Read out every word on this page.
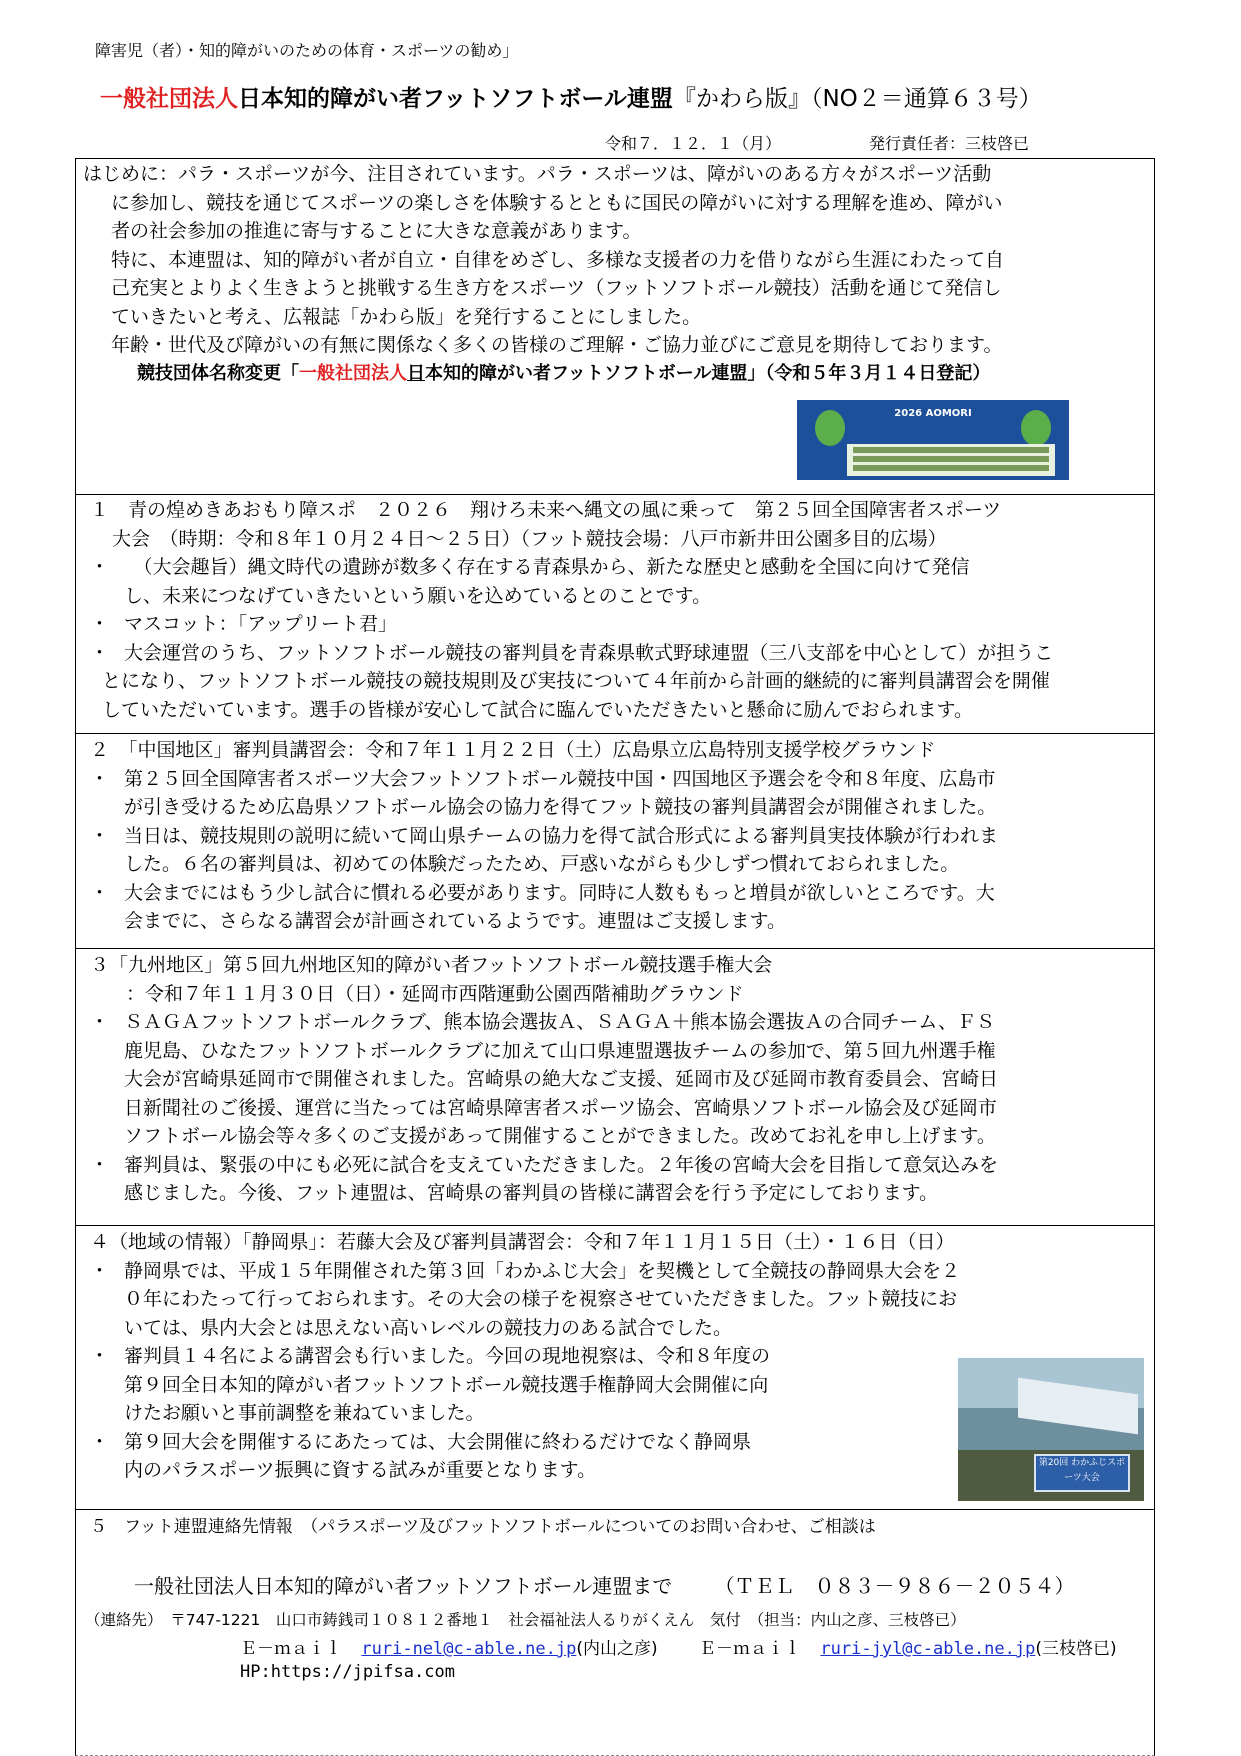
障害児（者）・知的障がいのための体育・スポーツの勧め」
一般社団法人日本知的障がい者フットソフトボール連盟『かわら版』（NO２＝通算６３号）
令和７．１２．１（月）	発行責任者：三枝啓已
はじめに：パラ・スポーツが今、注目されています。パラ・スポーツは、障がいのある方々がスポーツ活動
に参加し、競技を通じてスポーツの楽しさを体験するとともに国民の障がいに対する理解を進め、障がい
者の社会参加の推進に寄与することに大きな意義があります。
特に、本連盟は、知的障がい者が自立・自律をめざし、多様な支援者の力を借りながら生涯にわたって自
己充実とよりよく生きようと挑戦する生き方をスポーツ（フットソフトボール競技）活動を通じて発信し
ていきたいと考え、広報誌「かわら版」を発行することにしました。
年齢・世代及び障がいの有無に関係なく多くの皆様のご理解・ご協力並びにご意見を期待しております。
競技団体名称変更「一般社団法人日本知的障がい者フットソフトボール連盟」（令和５年３月１４日登記）
2026 AOMORI
１　青の煌めきあおもり障スポ　２０２６　翔けろ未来へ縄文の風に乗って　第２５回全国障害者スポーツ
大会　（時期：令和８年１０月２４日～２５日）（フット競技会場：八戸市新井田公園多目的広場）
・ 　（大会趣旨）縄文時代の遺跡が数多く存在する青森県から、新たな歴史と感動を全国に向けて発信
し、未来につなげていきたいという願いを込めているとのことです。
・ マスコット：「アップリート君」
・ 大会運営のうち、フットソフトボール競技の審判員を青森県軟式野球連盟（三八支部を中心として）が担うこ
とになり、フットソフトボール競技の競技規則及び実技について４年前から計画的継続的に審判員講習会を開催
していただいています。選手の皆様が安心して試合に臨んでいただきたいと懸命に励んでおられます。
２　「中国地区」審判員講習会：令和７年１１月２２日（土）広島県立広島特別支援学校グラウンド
・ 第２５回全国障害者スポーツ大会フットソフトボール競技中国・四国地区予選会を令和８年度、広島市
が引き受けるため広島県ソフトボール協会の協力を得てフット競技の審判員講習会が開催されました。
・ 当日は、競技規則の説明に続いて岡山県チームの協力を得て試合形式による審判員実技体験が行われま
した。６名の審判員は、初めての体験だったため、戸惑いながらも少しずつ慣れておられました。
・ 大会までにはもう少し試合に慣れる必要があります。同時に人数ももっと増員が欲しいところです。大
会までに、さらなる講習会が計画されているようです。連盟はご支援します。
３「九州地区」第５回九州地区知的障がい者フットソフトボール競技選手権大会
：令和７年１１月３０日（日）・延岡市西階運動公園西階補助グラウンド
・ ＳＡＧＡフットソフトボールクラブ、熊本協会選抜Ａ、ＳＡＧＡ＋熊本協会選抜Ａの合同チーム、ＦＳ
鹿児島、ひなたフットソフトボールクラブに加えて山口県連盟選抜チームの参加で、第５回九州選手権
大会が宮崎県延岡市で開催されました。宮崎県の絶大なご支援、延岡市及び延岡市教育委員会、宮崎日
日新聞社のご後援、運営に当たっては宮崎県障害者スポーツ協会、宮崎県ソフトボール協会及び延岡市
ソフトボール協会等々多くのご支援があって開催することができました。改めてお礼を申し上げます。
・ 審判員は、緊張の中にも必死に試合を支えていただきました。２年後の宮崎大会を目指して意気込みを
感じました。今後、フット連盟は、宮崎県の審判員の皆様に講習会を行う予定にしております。
４（地域の情報）「静岡県」：若藤大会及び審判員講習会：令和７年１１月１５日（土）・１６日（日）
・ 静岡県では、平成１５年開催された第３回「わかふじ大会」を契機として全競技の静岡県大会を２
０年にわたって行っておられます。その大会の様子を視察させていただきました。フット競技にお
いては、県内大会とは思えない高いレベルの競技力のある試合でした。
・ 審判員１４名による講習会も行いました。今回の現地視察は、令和８年度の
第９回全日本知的障がい者フットソフトボール競技選手権静岡大会開催に向
けたお願いと事前調整を兼ねていました。
・ 第９回大会を開催するにあたっては、大会開催に終わるだけでなく静岡県
内のパラスポーツ振興に資する試みが重要となります。	第20回 わかふじスポーツ大会
５　フット連盟連絡先情報　（パラスポーツ及びフットソフトボールについてのお問い合わせ、ご相談は
一般社団法人日本知的障がい者フットソフトボール連盟まで （ＴＥＬ　０８３－９８６－２０５４）
（連絡先）　〒747-1221　山口市鋳銭司１０８１２番地１　社会福祉法人るりがくえん　気付　（担当：内山之彦、三枝啓已）
Ｅ－ｍａｉｌ ruri-nel@c-able.ne.jp(内山之彦) Ｅ－ｍａｉｌ ruri-jyl@c-able.ne.jp(三枝啓已)
HP:https://jpifsa.com
